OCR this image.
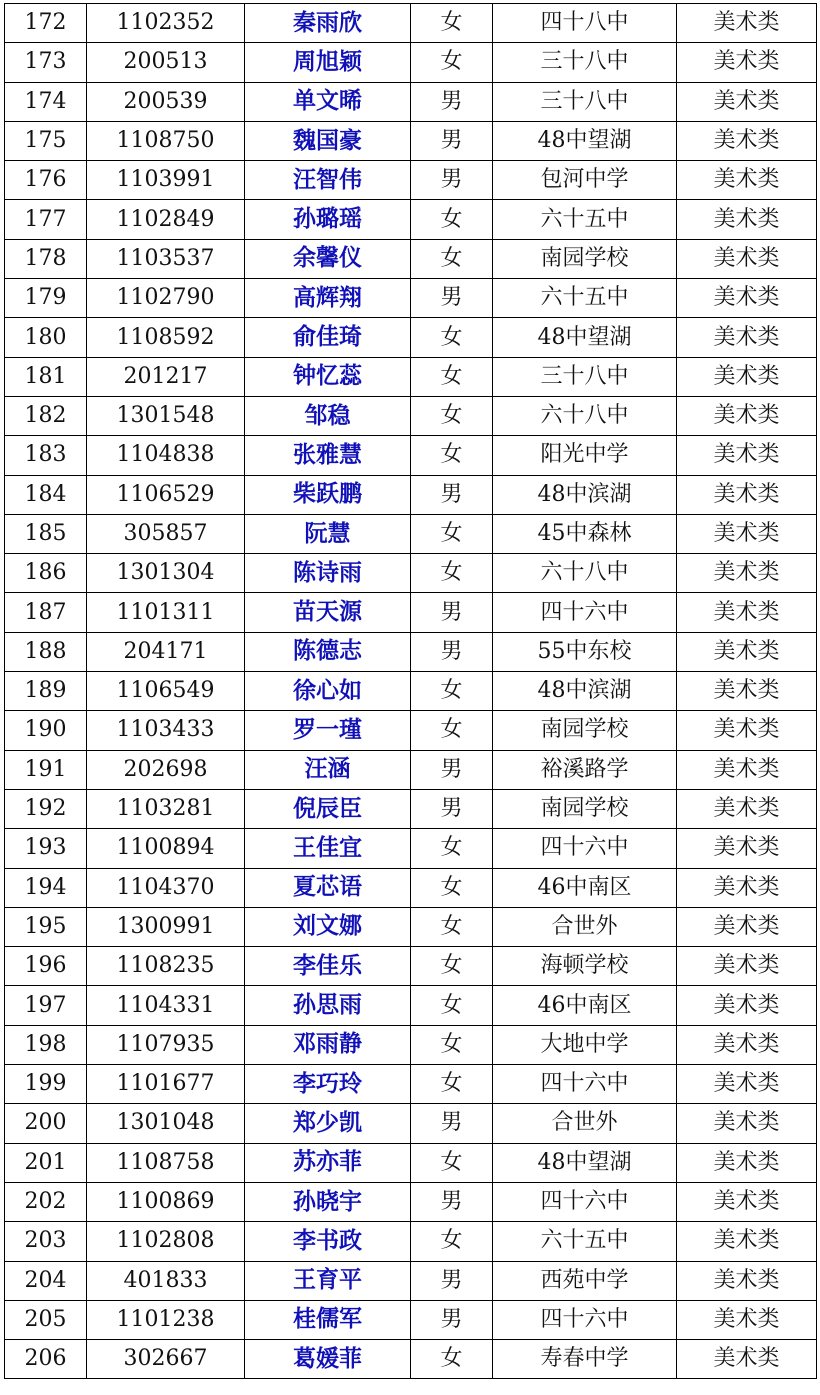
172	1102352	秦雨欣	女	四十八中	美术类
173	200513	周旭颖	女	三十八中	美术类
174	200539	单文晞	男	三十八中	美术类
175	1108750	魏国豪	男	48中望湖	美术类
176	1103991	汪智伟	男	包河中学	美术类
177	1102849	孙璐瑶	女	六十五中	美术类
178	1103537	余馨仪	女	南园学校	美术类
179	1102790	高辉翔	男	六十五中	美术类
180	1108592	俞佳琦	女	48中望湖	美术类
181	201217	钟忆蕊	女	三十八中	美术类
182	1301548	邹稳	女	六十八中	美术类
183	1104838	张雅慧	女	阳光中学	美术类
184	1106529	柴跃鹏	男	48中滨湖	美术类
185	305857	阮慧	女	45中森林	美术类
186	1301304	陈诗雨	女	六十八中	美术类
187	1101311	苗天源	男	四十六中	美术类
188	204171	陈德志	男	55中东校	美术类
189	1106549	徐心如	女	48中滨湖	美术类
190	1103433	罗一瑾	女	南园学校	美术类
191	202698	汪涵	男	裕溪路学	美术类
192	1103281	倪辰臣	男	南园学校	美术类
193	1100894	王佳宜	女	四十六中	美术类
194	1104370	夏芯语	女	46中南区	美术类
195	1300991	刘文娜	女	合世外	美术类
196	1108235	李佳乐	女	海顿学校	美术类
197	1104331	孙思雨	女	46中南区	美术类
198	1107935	邓雨静	女	大地中学	美术类
199	1101677	李巧玲	女	四十六中	美术类
200	1301048	郑少凯	男	合世外	美术类
201	1108758	苏亦菲	女	48中望湖	美术类
202	1100869	孙晓宇	男	四十六中	美术类
203	1102808	李书政	女	六十五中	美术类
204	401833	王育平	男	西苑中学	美术类
205	1101238	桂儒军	男	四十六中	美术类
206	302667	葛媛菲	女	寿春中学	美术类
